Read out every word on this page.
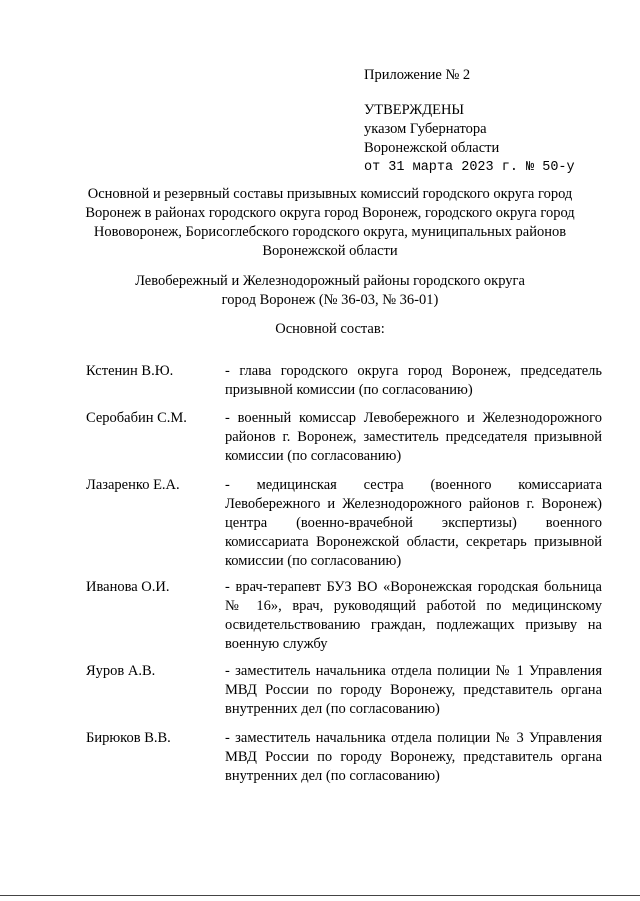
Приложение № 2
УТВЕРЖДЕНЫ
указом Губернатора
Воронежской области
от 31 марта 2023 г. № 50-у
Основной и резервный составы призывных комиссий городского округа город
Воронеж в районах городского округа город Воронеж, городского округа город
Нововоронеж, Борисоглебского городского округа, муниципальных районов
Воронежской области
Левобережный и Железнодорожный районы городского округа
город Воронеж (№ 36-03, № 36-01)
Основной состав:
Кстенин В.Ю.	- глава городского округа город Воронеж, председатель призывной комиссии (по согласованию)
Серобабин С.М.	- военный комиссар Левобережного и Железнодорожного районов г. Воронеж, заместитель председателя призывной комиссии (по согласованию)
Лазаренко Е.А.	- медицинская сестра (военного комиссариата Левобережного и Железнодорожного районов г. Воронеж) центра (военно-врачебной экспертизы) военного комиссариата Воронежской области, секретарь призывной комиссии (по согласованию)
Иванова О.И.	- врач-терапевт БУЗ ВО «Воронежская городская больница № 16», врач, руководящий работой по медицинскому освидетельствованию граждан, подлежащих призыву на военную службу
Яуров А.В.	- заместитель начальника отдела полиции № 1 Управления МВД России по городу Воронежу, представитель органа внутренних дел (по согласованию)
Бирюков В.В.	- заместитель начальника отдела полиции № 3 Управления МВД России по городу Воронежу, представитель органа внутренних дел (по согласованию)
